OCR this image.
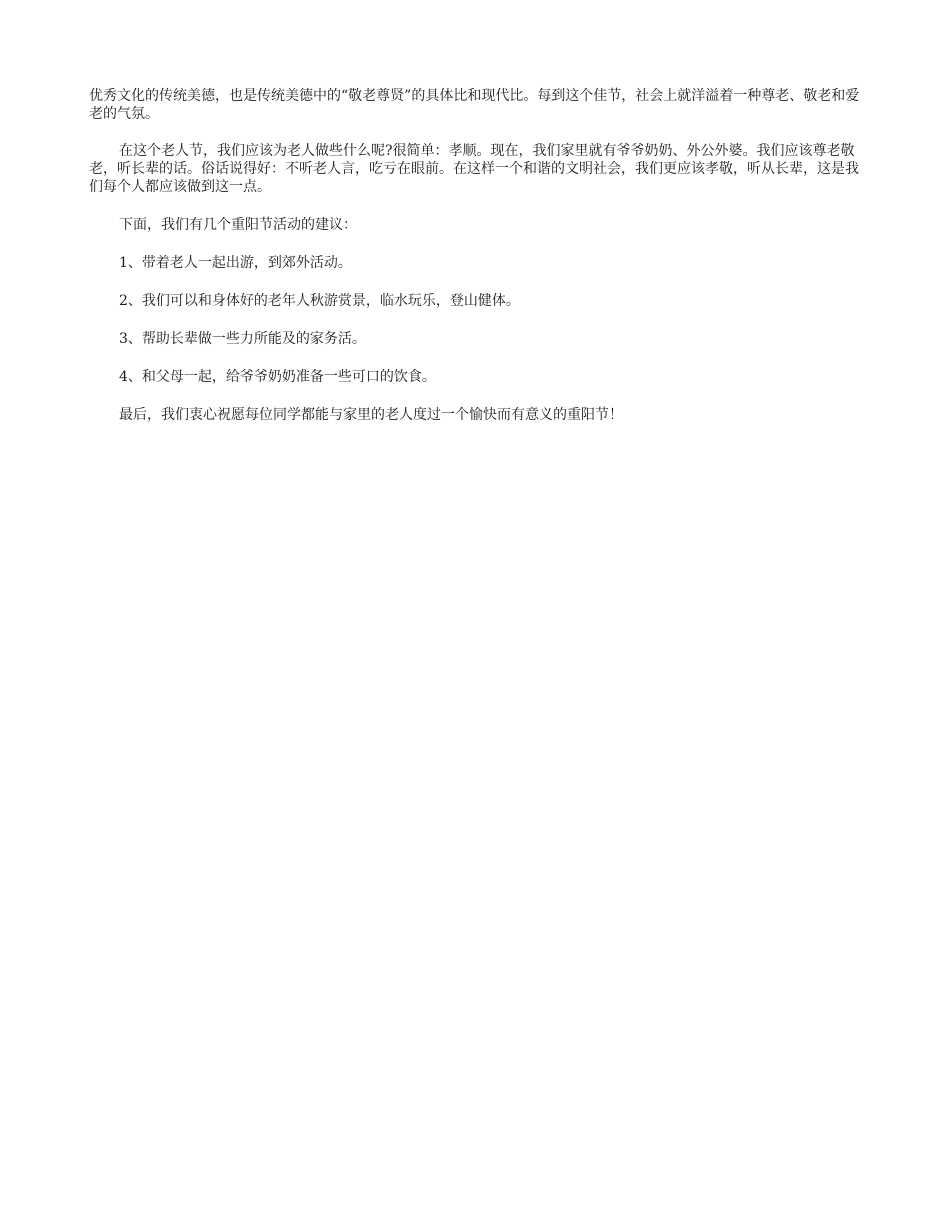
优秀文化的传统美德，也是传统美德中的“敬老尊贤”的具体比和现代比。每到这个佳节，社会上就洋溢着一种尊老、敬老和爱老的气氛。

在这个老人节，我们应该为老人做些什么呢?很简单：孝顺。现在，我们家里就有爷爷奶奶、外公外婆。我们应该尊老敬老，听长辈的话。俗话说得好：不听老人言，吃亏在眼前。在这样一个和谐的文明社会，我们更应该孝敬，听从长辈，这是我们每个人都应该做到这一点。

下面，我们有几个重阳节活动的建议：

1、带着老人一起出游，到郊外活动。

2、我们可以和身体好的老年人秋游赏景，临水玩乐，登山健体。

3、帮助长辈做一些力所能及的家务活。

4、和父母一起，给爷爷奶奶准备一些可口的饮食。

最后，我们衷心祝愿每位同学都能与家里的老人度过一个愉快而有意义的重阳节！
